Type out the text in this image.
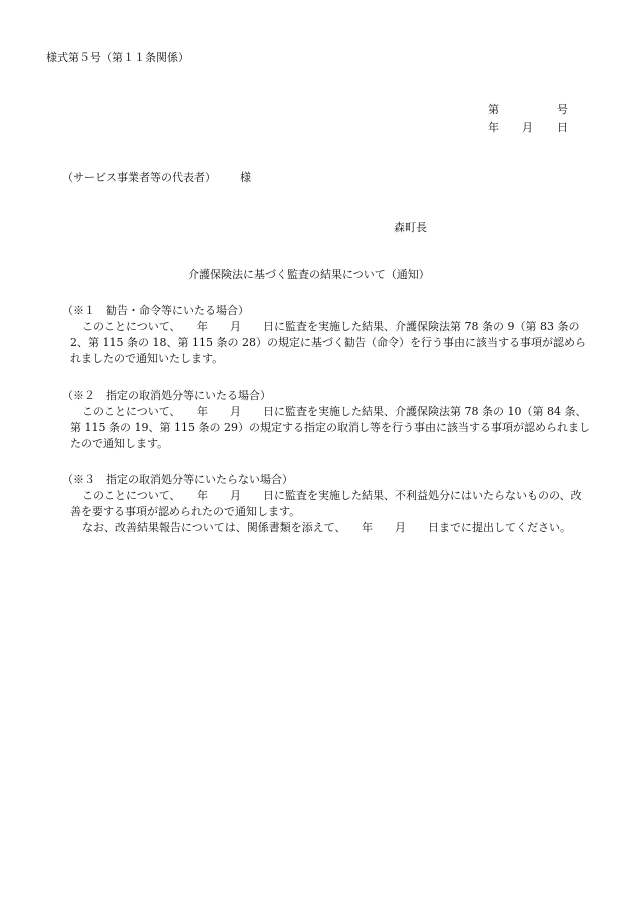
様式第５号（第１１条関係）
第	号
年 月 日
（サービス事業者等の代表者） 様
森町長
介護保険法に基づく監査の結果について（通知）
（※１　勧告・命令等にいたる場合）
このことについて、　　年　　月　　日に監査を実施した結果、介護保険法第 78 条の 9（第 83 条の 2、第 115 条の 18、第 115 条の 28）の規定に基づく勧告（命令）を行う事由に該当する事項が認められましたので通知いたします。
（※２　指定の取消処分等にいたる場合）
このことについて、　　年　　月　　日に監査を実施した結果、介護保険法第 78 条の 10（第 84 条、第 115 条の 19、第 115 条の 29）の規定する指定の取消し等を行う事由に該当する事項が認められましたので通知します。
（※３　指定の取消処分等にいたらない場合）
このことについて、　　年　　月　　日に監査を実施した結果、不利益処分にはいたらないものの、改善を要する事項が認められたので通知します。
なお、改善結果報告については、関係書類を添えて、　　年　　月　　日までに提出してください。
